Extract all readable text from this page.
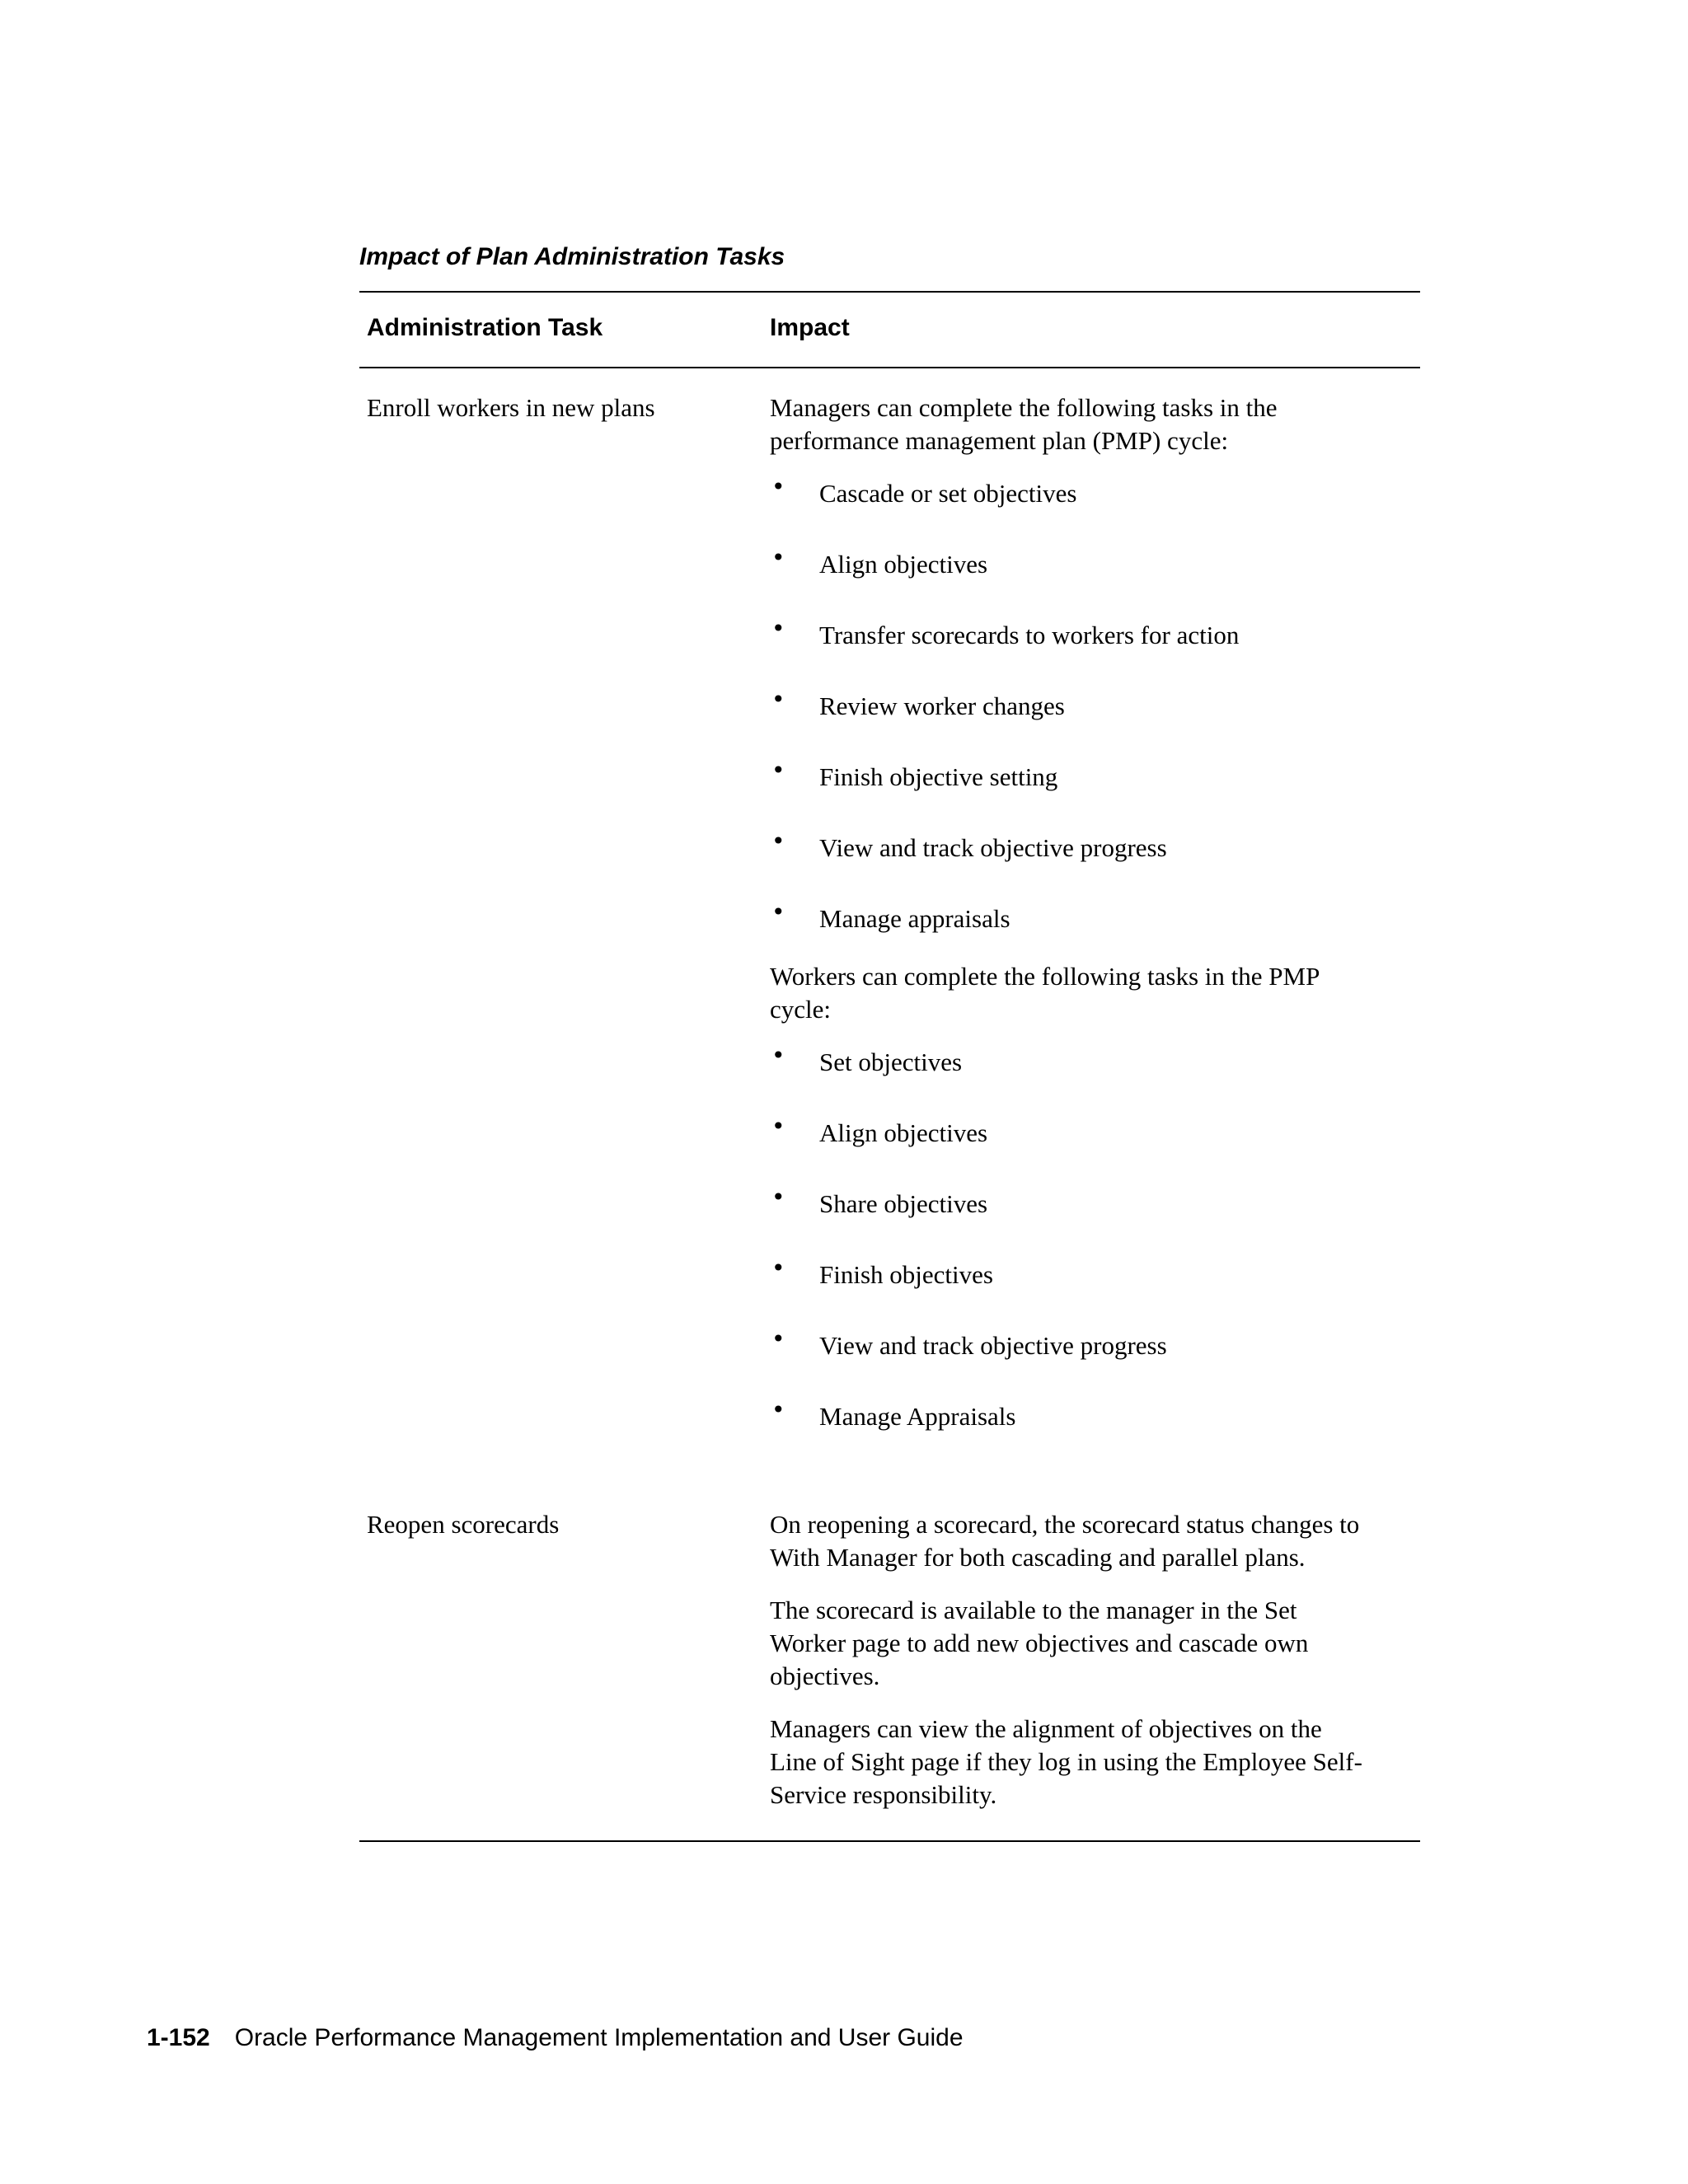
Impact of Plan Administration Tasks
Administration Task	Impact
Enroll workers in new plans	Managers can complete the following tasks in the performance management plan (PMP) cycle:

• Cascade or set objectives
• Align objectives
• Transfer scorecards to workers for action
• Review worker changes
• Finish objective setting
• View and track objective progress
• Manage appraisals

Workers can complete the following tasks in the PMP cycle:

• Set objectives
• Align objectives
• Share objectives
• Finish objectives
• View and track objective progress
• Manage Appraisals
Reopen scorecards	On reopening a scorecard, the scorecard status changes to With Manager for both cascading and parallel plans.

The scorecard is available to the manager in the Set Worker page to add new objectives and cascade own objectives.

Managers can view the alignment of objectives on the Line of Sight page if they log in using the Employee Self-Service responsibility.

1-152 Oracle Performance Management Implementation and User Guide
